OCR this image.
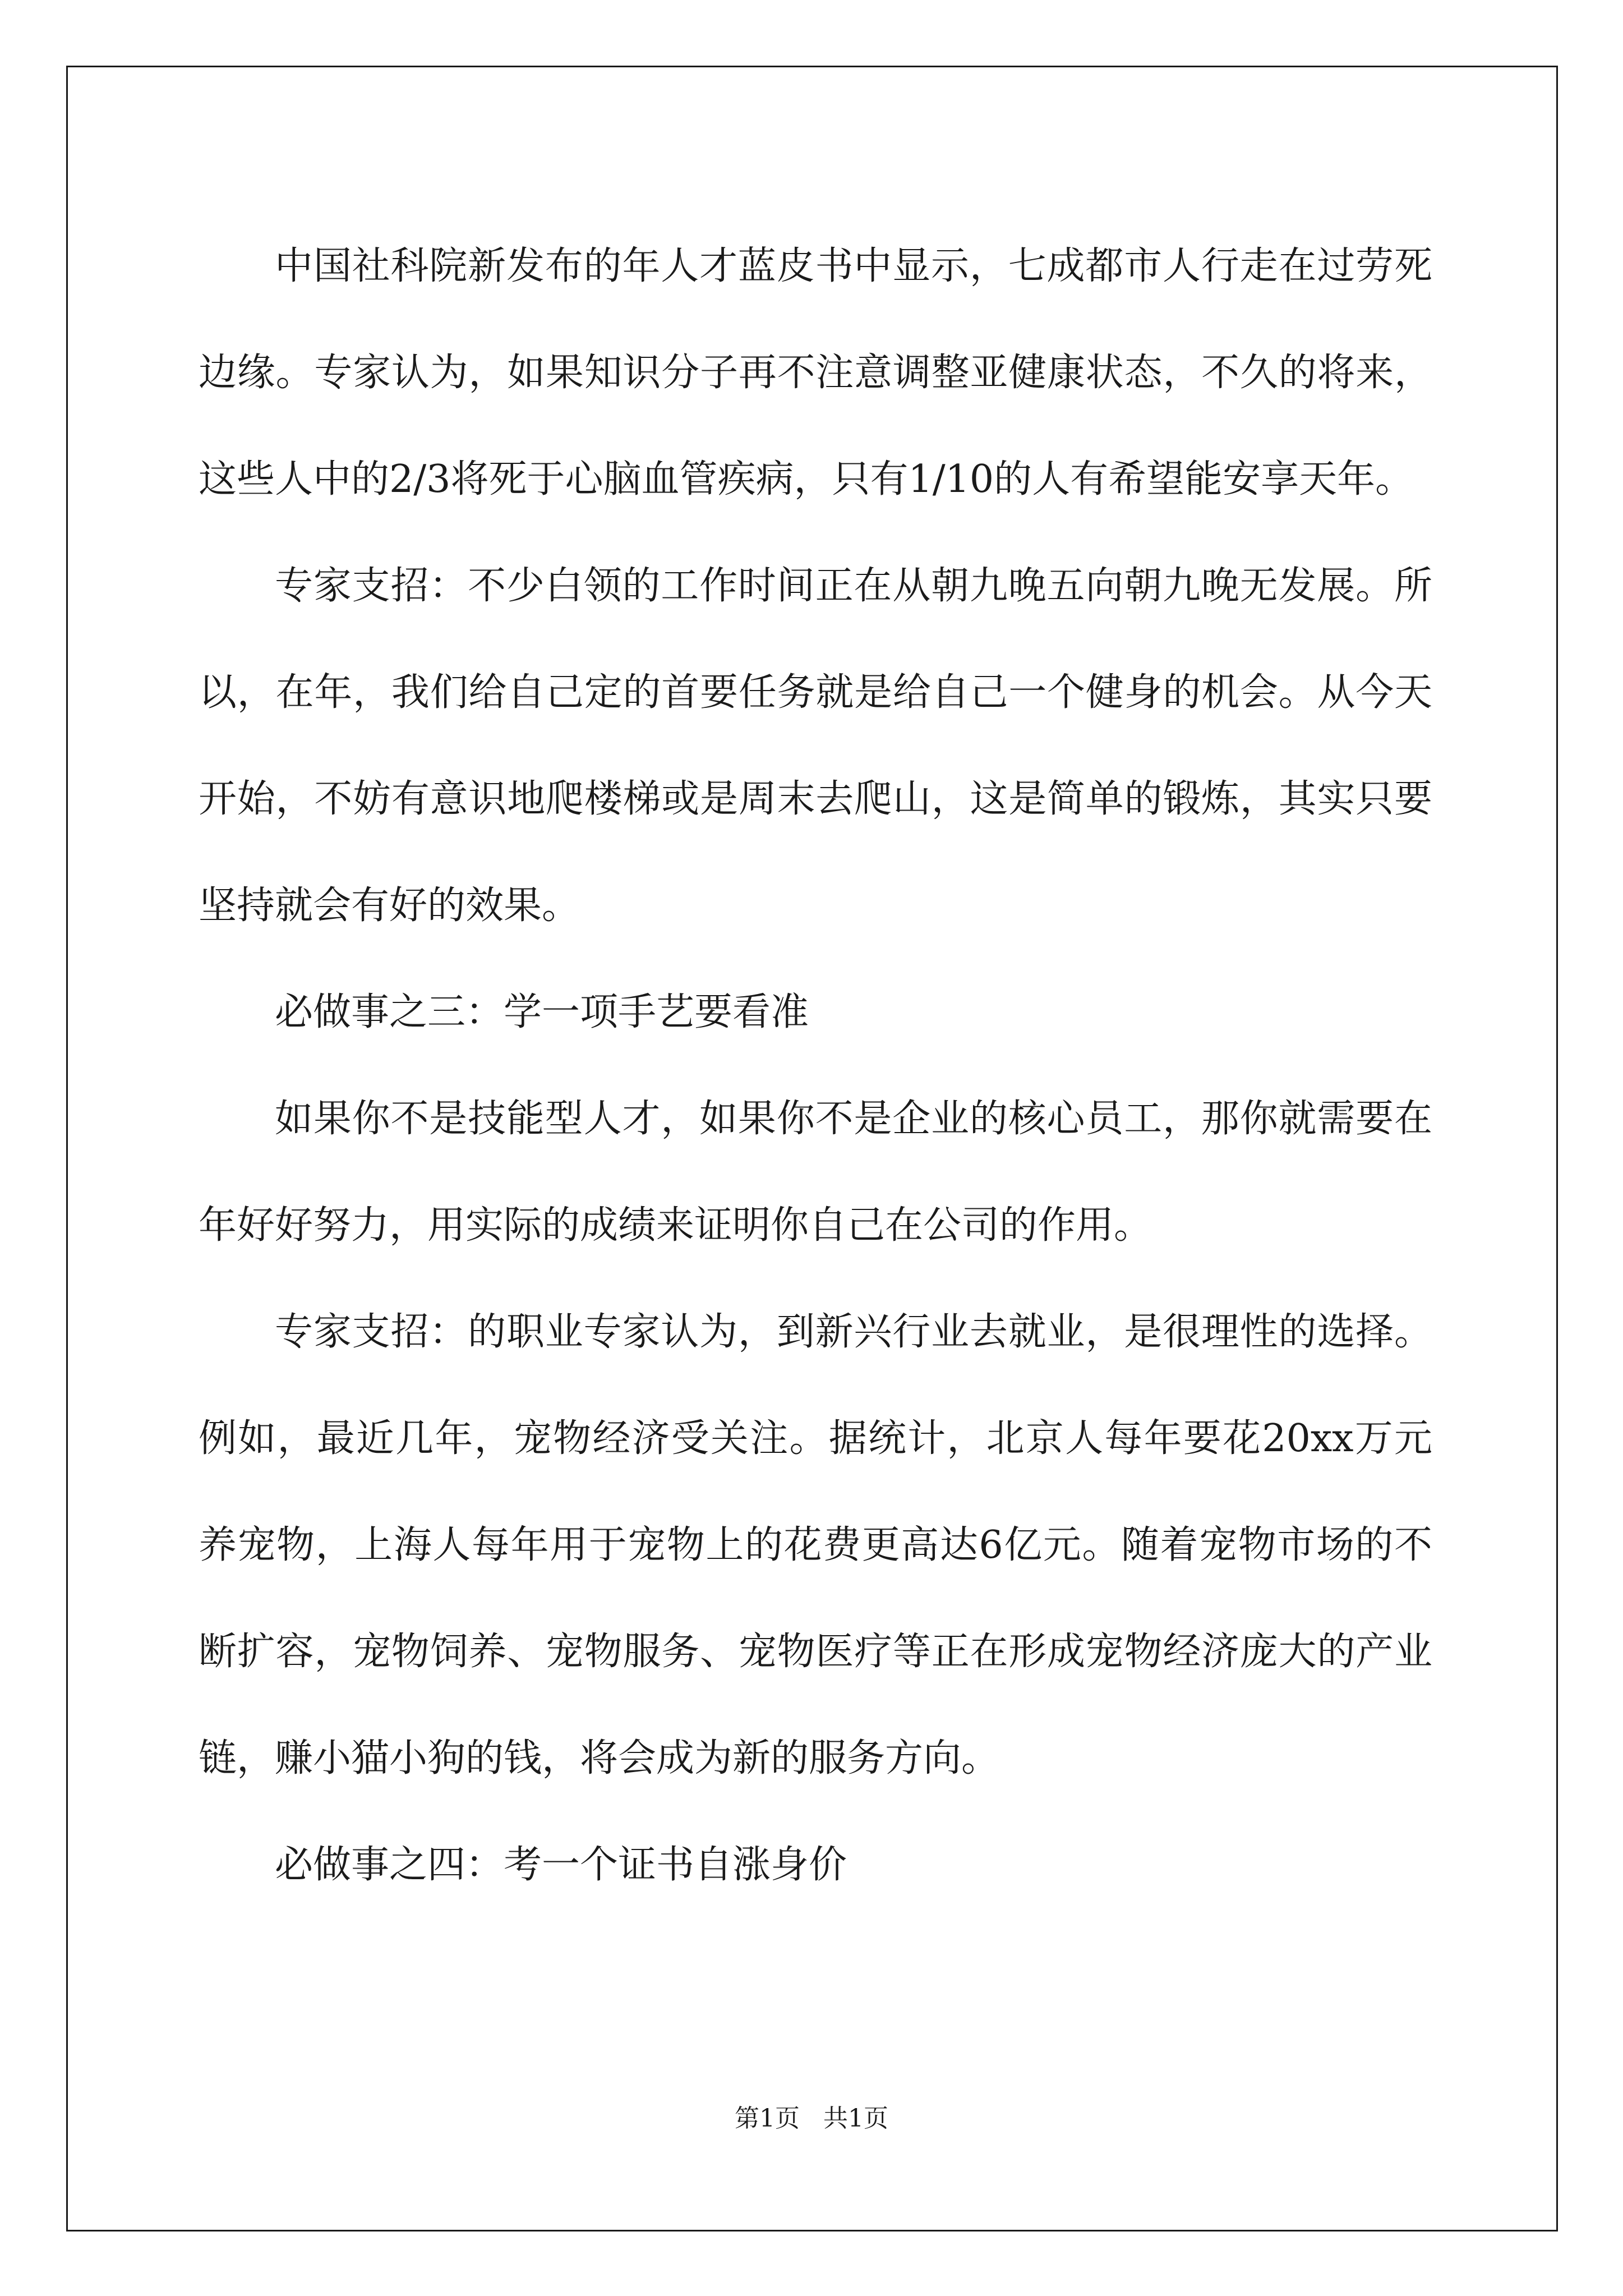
中国社科院新发布的年人才蓝皮书中显示，七成都市人行走在过劳死边缘。专家认为，如果知识分子再不注意调整亚健康状态，不久的将来，这些人中的2/3将死于心脑血管疾病，只有1/10的人有希望能安享天年。

专家支招：不少白领的工作时间正在从朝九晚五向朝九晚无发展。所以，在年，我们给自己定的首要任务就是给自己一个健身的机会。从今天开始，不妨有意识地爬楼梯或是周末去爬山，这是简单的锻炼，其实只要坚持就会有好的效果。

必做事之三：学一项手艺要看准

如果你不是技能型人才，如果你不是企业的核心员工，那你就需要在年好好努力，用实际的成绩来证明你自己在公司的作用。

专家支招：的职业专家认为，到新兴行业去就业，是很理性的选择。例如，最近几年，宠物经济受关注。据统计，北京人每年要花20xx万元养宠物，上海人每年用于宠物上的花费更高达6亿元。随着宠物市场的不断扩容，宠物饲养、宠物服务、宠物医疗等正在形成宠物经济庞大的产业链，赚小猫小狗的钱，将会成为新的服务方向。

必做事之四：考一个证书自涨身价

第1页 共1页
